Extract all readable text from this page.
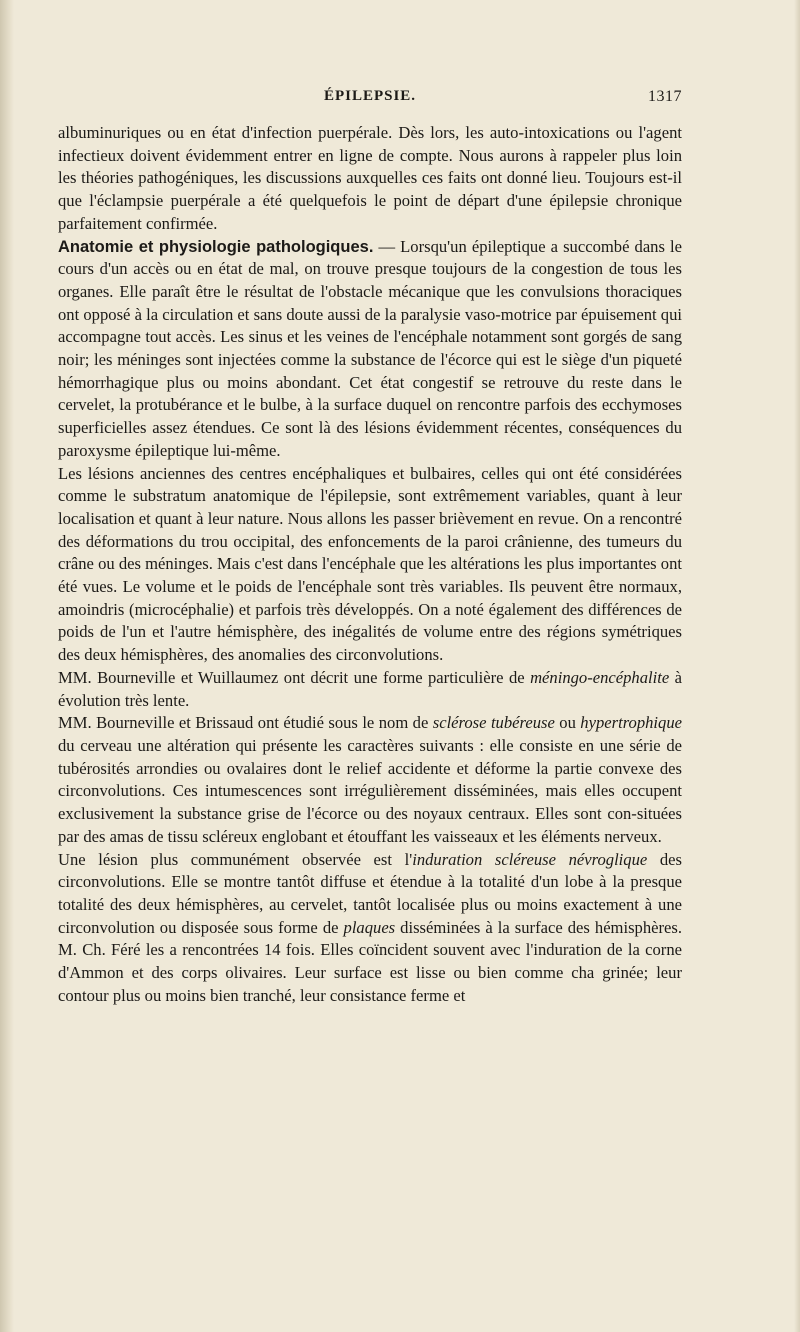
ÉPILEPSIE.	1317

albuminuriques ou en état d'infection puerpérale. Dès lors, les auto-intoxications ou l'agent infectieux doivent évidemment entrer en ligne de compte. Nous aurons à rappeler plus loin les théories pathogéniques, les discussions auxquelles ces faits ont donné lieu. Toujours est-il que l'éclampsie puerpérale a été quelquefois le point de départ d'une épilepsie chronique parfaitement confirmée.

Anatomie et physiologie pathologiques. — Lorsqu'un épileptique a succombé dans le cours d'un accès ou en état de mal, on trouve presque toujours de la congestion de tous les organes. Elle paraît être le résultat de l'obstacle mécanique que les convulsions thoraciques ont opposé à la circulation et sans doute aussi de la paralysie vaso-motrice par épuisement qui accompagne tout accès. Les sinus et les veines de l'encéphale notamment sont gorgés de sang noir; les méninges sont injectées comme la substance de l'écorce qui est le siège d'un piqueté hémorrhagique plus ou moins abondant. Cet état congestif se retrouve du reste dans le cervelet, la protubérance et le bulbe, à la surface duquel on rencontre parfois des ecchymoses superficielles assez étendues. Ce sont là des lésions évidemment récentes, conséquences du paroxysme épileptique lui-même.

Les lésions anciennes des centres encéphaliques et bulbaires, celles qui ont été considérées comme le substratum anatomique de l'épilepsie, sont extrêmement variables, quant à leur localisation et quant à leur nature. Nous allons les passer brièvement en revue. On a rencontré des déformations du trou occipital, des enfoncements de la paroi crânienne, des tumeurs du crâne ou des méninges. Mais c'est dans l'encéphale que les altérations les plus importantes ont été vues. Le volume et le poids de l'encéphale sont très variables. Ils peuvent être normaux, amoindris (microcéphalie) et parfois très développés. On a noté également des différences de poids de l'un et l'autre hémisphère, des inégalités de volume entre des régions symétriques des deux hémisphères, des anomalies des circonvolutions.

MM. Bourneville et Wuillaumez ont décrit une forme particulière de méningo-encéphalite à évolution très lente.

MM. Bourneville et Brissaud ont étudié sous le nom de sclérose tubéreuse ou hypertrophique du cerveau une altération qui présente les caractères suivants : elle consiste en une série de tubérosités arrondies ou ovalaires dont le relief accidente et déforme la partie convexe des circonvolutions. Ces intumescences sont irrégulièrement disséminées, mais elles occupent exclusivement la substance grise de l'écorce ou des noyaux centraux. Elles sont con-situées par des amas de tissu scléreux englobant et étouffant les vaisseaux et les éléments nerveux.

Une lésion plus communément observée est l'induration scléreuse névroglique des circonvolutions. Elle se montre tantôt diffuse et étendue à la totalité d'un lobe à la presque totalité des deux hémisphères, au cervelet, tantôt localisée plus ou moins exactement à une circonvolution ou disposée sous forme de plaques disséminées à la surface des hémisphères. M. Ch. Féré les a rencontrées 14 fois. Elles coïncident souvent avec l'induration de la corne d'Ammon et des corps olivaires. Leur surface est lisse ou bien comme cha grinée; leur contour plus ou moins bien tranché, leur consistance ferme et
